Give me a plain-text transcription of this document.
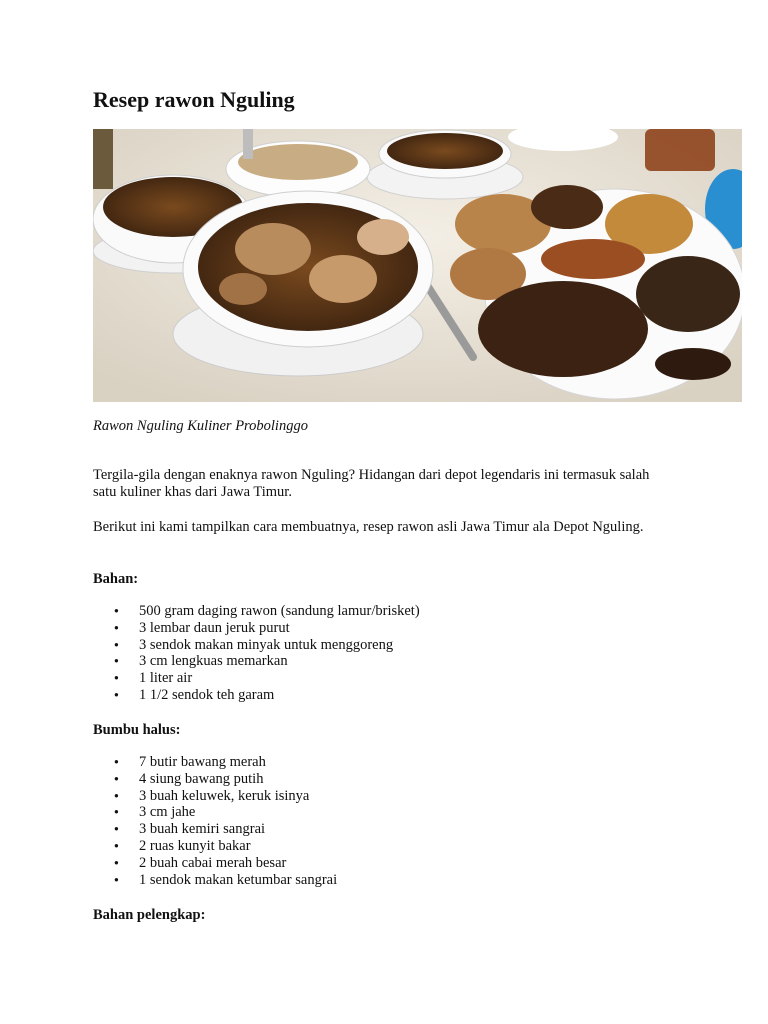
Resep rawon Nguling

Rawon Nguling Kuliner Probolinggo

Tergila-gila dengan enaknya rawon Nguling? Hidangan dari depot legendaris ini termasuk salah satu kuliner khas dari Jawa Timur.

Berikut ini kami tampilkan cara membuatnya, resep rawon asli Jawa Timur ala Depot Nguling.

Bahan:

● 500 gram daging rawon (sandung lamur/brisket)
● 3 lembar daun jeruk purut
● 3 sendok makan minyak untuk menggoreng
● 3 cm lengkuas memarkan
● 1 liter air
● 1 1/2 sendok teh garam

Bumbu halus:

● 7 butir bawang merah
● 4 siung bawang putih
● 3 buah keluwek, keruk isinya
● 3 cm jahe
● 3 buah kemiri sangrai
● 2 ruas kunyit bakar
● 2 buah cabai merah besar
● 1 sendok makan ketumbar sangrai

Bahan pelengkap:
